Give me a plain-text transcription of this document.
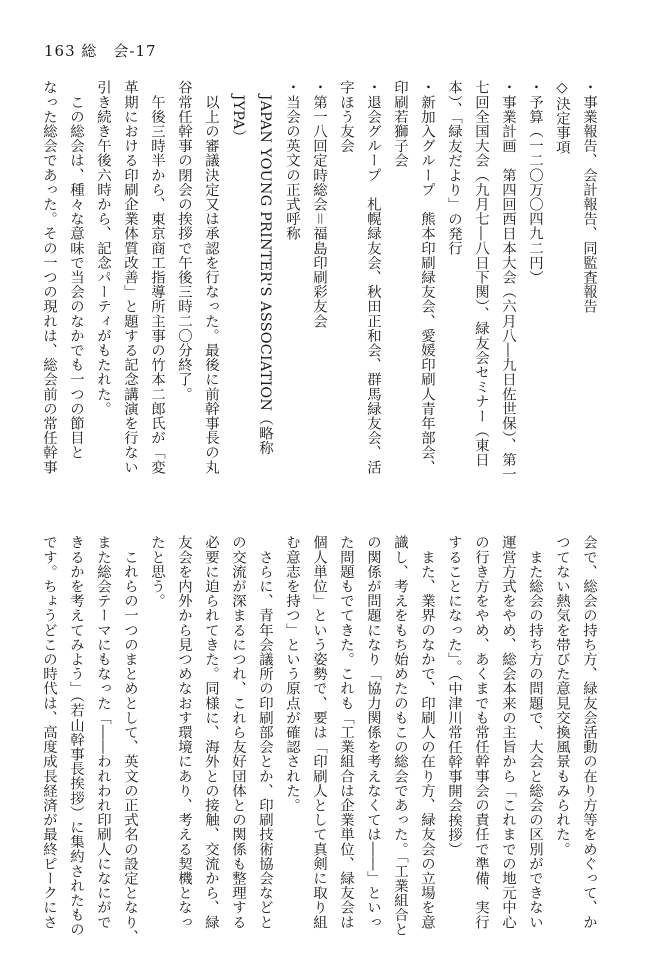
163 総　会-17

・事業報告、会計報告、同監査報告

◇決定事項

・予算（一二〇万〇四九二円）

・事業計画　第四回西日本大会（六月八―九日佐世保）、第一

七回全国大会（九月七―八日下関）、緑友会セミナー（東日

本）、「緑友だより」の発行

・新加入グループ　熊本印刷緑友会、愛媛印刷人青年部会、

印刷若獅子会

・退会グループ　札幌緑友会、秋田正和会、群馬緑友会、活

字ほう友会

・第一八回定時総会＝福島印刷彩友会

・当会の英文の正式呼称

　JAPAN YOUNG PRINTER'S ASSOCIATION（略称

　JYPA）

　以上の審議決定又は承認を行なった。最後に前幹事長の丸

谷常任幹事の閉会の挨拶で午後三時二〇分終了。

　午後三時半から、東京商工指導所主事の竹本二郎氏が「変

革期における印刷企業体質改善」と題する記念講演を行ない

引き続き午後六時から、記念パーティがもたれた。

　この総会は、種々な意味で当会のなかでも一つの節目と

なった総会であった。その一つの現れは、総会前の常任幹事

会で、総会の持ち方、緑友会活動の在り方等をめぐって、か

つてない熱気を帯びた意見交換風景もみられた。

　また総会の持ち方の問題で、大会と総会の区別ができない

運営方式をやめ、総会本来の主旨から「これまでの地元中心

の行き方をやめ、あくまでも常任幹事会の責任で準備、実行

することになった」。（中津川常任幹事開会挨拶）

　また、業界のなかで、印刷人の在り方、緑友会の立場を意

識し、考えをもち始めたのもこの総会であった。「工業組合と

の関係が問題になり「協力関係を考えなくては――」といっ

た問題もでてきた。これも「工業組合は企業単位、緑友会は

個人単位」という姿勢で、要は「印刷人として真剣に取り組

む意志を持つ」という原点が確認された。

　さらに、青年会議所の印刷部会とか、印刷技術協会などと

の交流が深まるにつれ、これら友好団体との関係も整理する

必要に迫られてきた。同様に、海外との接触、交流から、緑

友会を内外から見つめなおす環境にあり、考える契機となっ

たと思う。

　これらの一つのまとめとして、英文の正式名の設定となり、

また総会テーマにもなった「――われわれ印刷人になにがで

きるかを考えてみよう」（若山幹事長挨拶）に集約されたもの

です。ちょうどこの時代は、高度成長経済が最終ピークにさ
